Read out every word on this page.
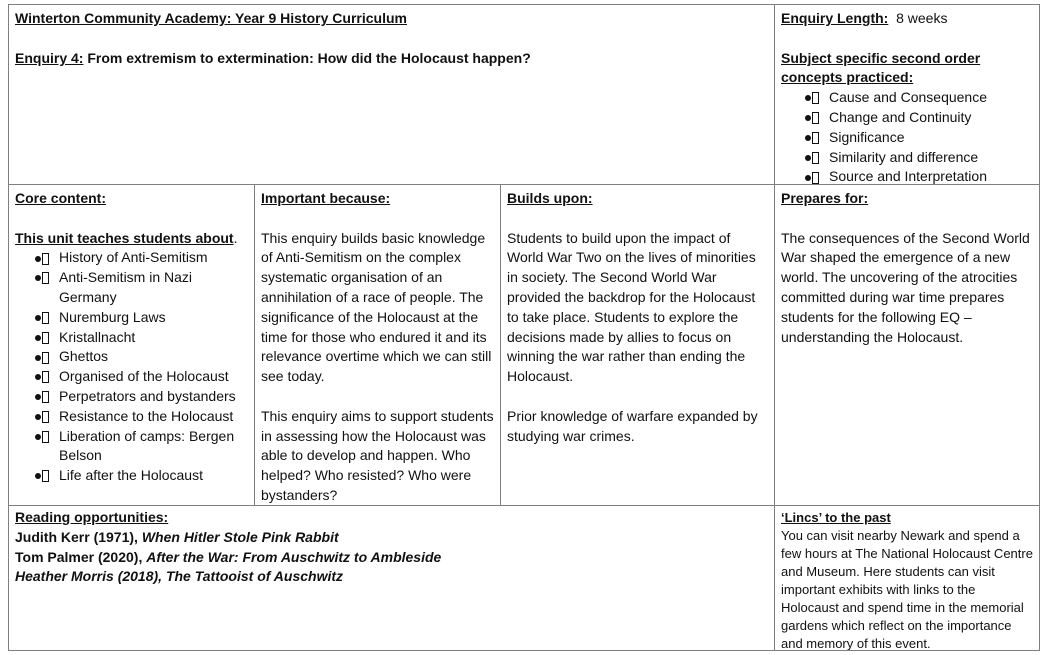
Winterton Community Academy: Year 9 History Curriculum

Enquiry 4: From extremism to extermination: How did the Holocaust happen?

Enquiry Length: 8 weeks

Subject specific second order concepts practiced:

Cause and Consequence
Change and Continuity
Significance
Similarity and difference
Source and Interpretation

Core content:

This unit teaches students about.

History of Anti-Semitism
Anti-Semitism in Nazi Germany
Nuremburg Laws
Kristallnacht
Ghettos
Organised of the Holocaust
Perpetrators and bystanders
Resistance to the Holocaust
Liberation of camps: Bergen Belson
Life after the Holocaust

Important because:

This enquiry builds basic knowledge of Anti-Semitism on the complex systematic organisation of an annihilation of a race of people. The significance of the Holocaust at the time for those who endured it and its relevance overtime which we can still see today.

This enquiry aims to support students in assessing how the Holocaust was able to develop and happen. Who helped? Who resisted? Who were bystanders?

Builds upon:

Students to build upon the impact of World War Two on the lives of minorities in society. The Second World War provided the backdrop for the Holocaust to take place. Students to explore the decisions made by allies to focus on winning the war rather than ending the Holocaust.

Prior knowledge of warfare expanded by studying war crimes.

Prepares for:

The consequences of the Second World War shaped the emergence of a new world. The uncovering of the atrocities committed during war time prepares students for the following EQ – understanding the Holocaust.

Reading opportunities:

Judith Kerr (1971), When Hitler Stole Pink Rabbit

Tom Palmer (2020), After the War: From Auschwitz to Ambleside

Heather Morris (2018), The Tattooist of Auschwitz

‘Lincs’ to the past

You can visit nearby Newark and spend a few hours at The National Holocaust Centre and Museum. Here students can visit important exhibits with links to the Holocaust and spend time in the memorial gardens which reflect on the importance and memory of this event.
